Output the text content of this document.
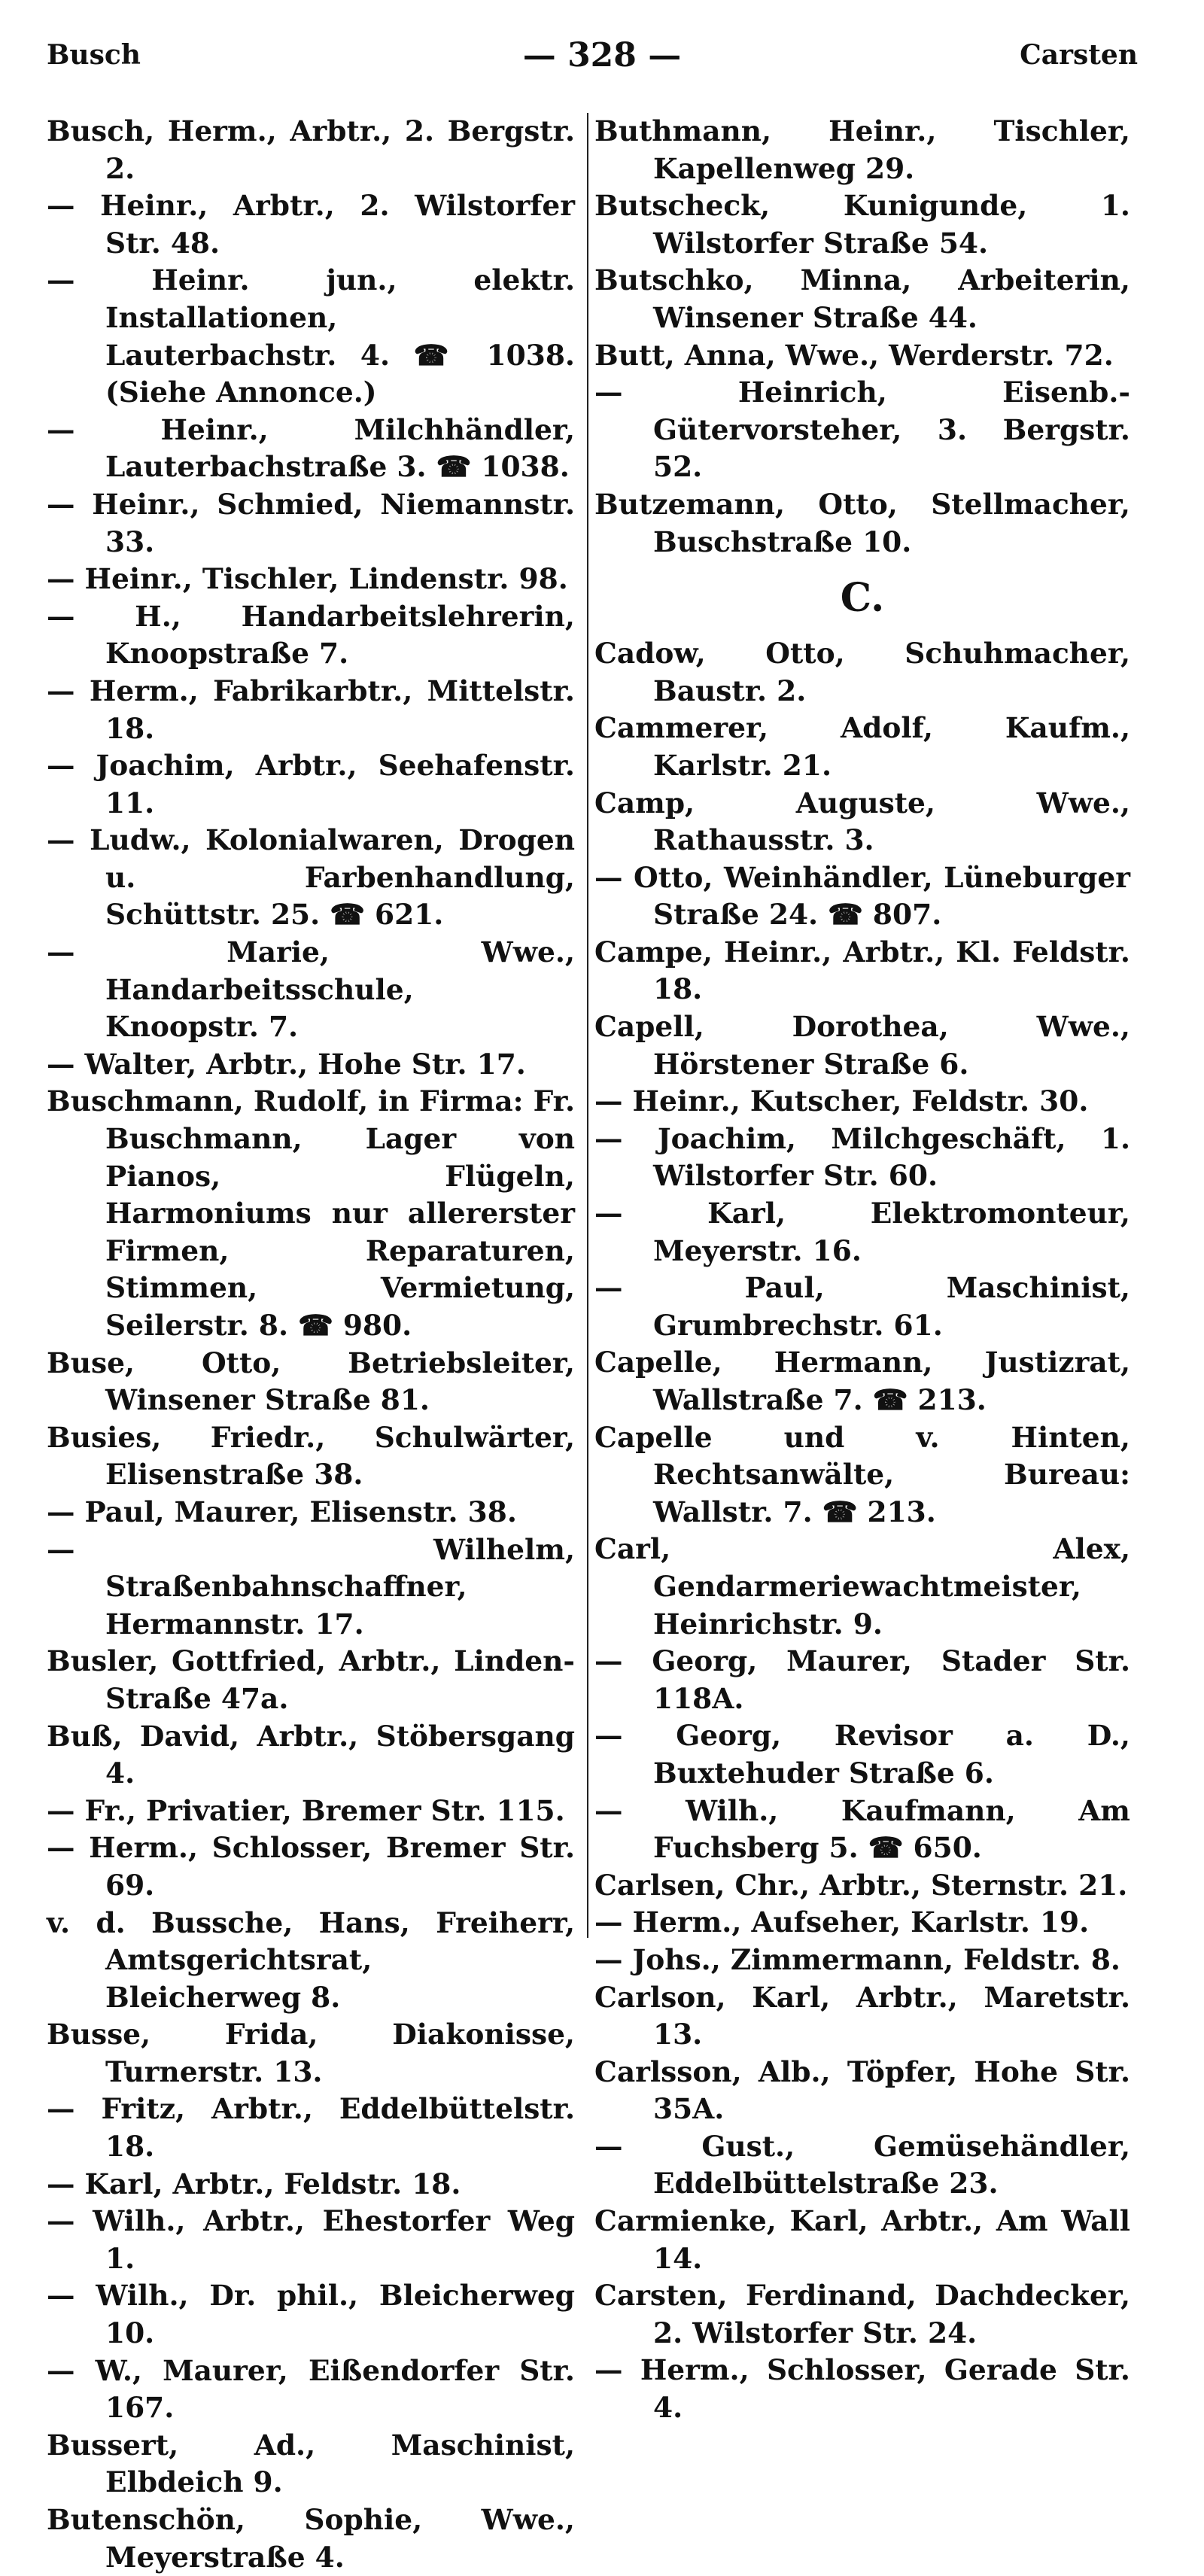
Busch	— 328 —	Carsten
Busch, Herm., Arbtr., 2. Bergstr. 2.
— Heinr., Arbtr., 2. Wilstorfer Str. 48.
— Heinr. jun., elektr. Installationen, Lauterbachstr. 4. ☎ 1038. (Siehe Annonce.)
— Heinr., Milchhändler, Lauterbachstraße 3. ☎ 1038.
— Heinr., Schmied, Niemannstr. 33.
— Heinr., Tischler, Lindenstr. 98.
— H., Handarbeitslehrerin, Knoopstraße 7.
— Herm., Fabrikarbtr., Mittelstr. 18.
— Joachim, Arbtr., Seehafenstr. 11.
— Ludw., Kolonialwaren, Drogen u. Farbenhandlung, Schüttstr. 25. ☎ 621.
— Marie, Wwe., Handarbeitsschule, Knoopstr. 7.
— Walter, Arbtr., Hohe Str. 17.
Buschmann, Rudolf, in Firma: Fr. Buschmann, Lager von Pianos, Flügeln, Harmoniums nur allererster Firmen, Reparaturen, Stimmen, Vermietung, Seilerstr. 8. ☎ 980.
Buse, Otto, Betriebsleiter, Winsener Straße 81.
Busies, Friedr., Schulwärter, Elisenstraße 38.
— Paul, Maurer, Elisenstr. 38.
— Wilhelm, Straßenbahnschaffner, Hermannstr. 17.
Busler, Gottfried, Arbtr., Linden-Straße 47a.
Buß, David, Arbtr., Stöbersgang 4.
— Fr., Privatier, Bremer Str. 115.
— Herm., Schlosser, Bremer Str. 69.
v. d. Bussche, Hans, Freiherr, Amtsgerichtsrat, Bleicherweg 8.
Busse, Frida, Diakonisse, Turnerstr. 13.
— Fritz, Arbtr., Eddelbüttelstr. 18.
— Karl, Arbtr., Feldstr. 18.
— Wilh., Arbtr., Ehestorfer Weg 1.
— Wilh., Dr. phil., Bleicherweg 10.
— W., Maurer, Eißendorfer Str. 167.
Bussert, Ad., Maschinist, Elbdeich 9.
Butenschön, Sophie, Wwe., Meyerstraße 4.
Buthmann, Heinr., Tischler, Kapellenweg 29.
Butscheck, Kunigunde, 1. Wilstorfer Straße 54.
Butschko, Minna, Arbeiterin, Winsener Straße 44.
Butt, Anna, Wwe., Werderstr. 72.
— Heinrich, Eisenb.-Gütervorsteher, 3. Bergstr. 52.
Butzemann, Otto, Stellmacher, Buschstraße 10.
C.
Cadow, Otto, Schuhmacher, Baustr. 2.
Cammerer, Adolf, Kaufm., Karlstr. 21.
Camp, Auguste, Wwe., Rathausstr. 3.
— Otto, Weinhändler, Lüneburger Straße 24. ☎ 807.
Campe, Heinr., Arbtr., Kl. Feldstr. 18.
Capell, Dorothea, Wwe., Hörstener Straße 6.
— Heinr., Kutscher, Feldstr. 30.
— Joachim, Milchgeschäft, 1. Wilstorfer Str. 60.
— Karl, Elektromonteur, Meyerstr. 16.
— Paul, Maschinist, Grumbrechstr. 61.
Capelle, Hermann, Justizrat, Wallstraße 7. ☎ 213.
Capelle und v. Hinten, Rechtsanwälte, Bureau: Wallstr. 7. ☎ 213.
Carl, Alex, Gendarmeriewachtmeister, Heinrichstr. 9.
— Georg, Maurer, Stader Str. 118A.
— Georg, Revisor a. D., Buxtehuder Straße 6.
— Wilh., Kaufmann, Am Fuchsberg 5. ☎ 650.
Carlsen, Chr., Arbtr., Sternstr. 21.
— Herm., Aufseher, Karlstr. 19.
— Johs., Zimmermann, Feldstr. 8.
Carlson, Karl, Arbtr., Maretstr. 13.
Carlsson, Alb., Töpfer, Hohe Str. 35A.
— Gust., Gemüsehändler, Eddelbüttelstraße 23.
Carmienke, Karl, Arbtr., Am Wall 14.
Carsten, Ferdinand, Dachdecker, 2. Wilstorfer Str. 24.
— Herm., Schlosser, Gerade Str. 4.
